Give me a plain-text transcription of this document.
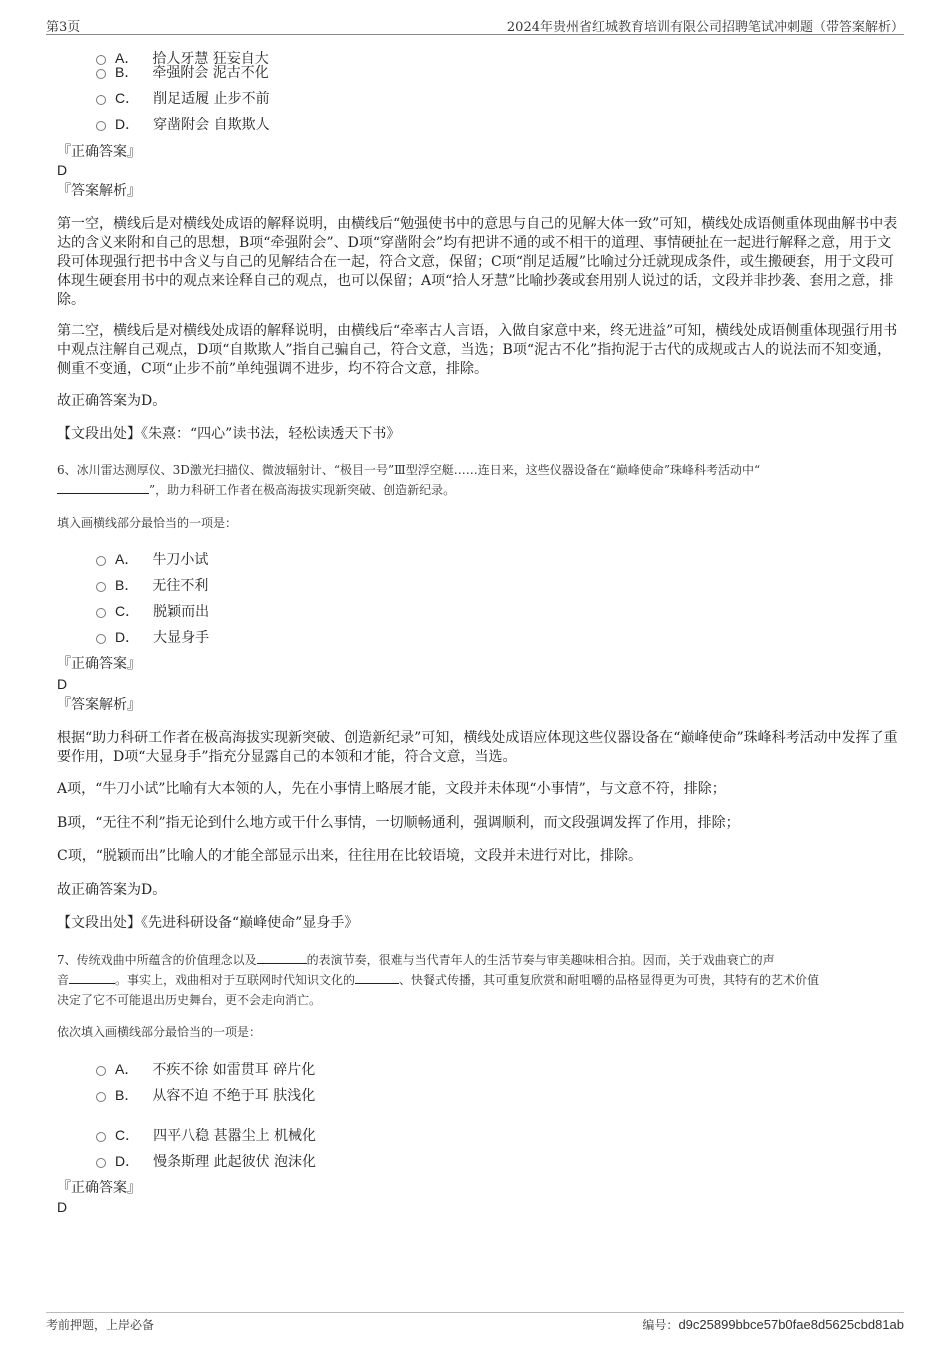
第3页	2024年贵州省红城教育培训有限公司招聘笔试冲刺题（带答案解析）
A． 拾人牙慧 狂妄自大
B． 牵强附会 泥古不化
C． 削足适履 止步不前
D． 穿凿附会 自欺欺人
『正确答案』
D
『答案解析』
第一空，横线后是对横线处成语的解释说明，由横线后“勉强使书中的意思与自己的见解大体一致”可知，横线处成语侧重体现曲解书中表达的含义来附和自己的思想，B项“牵强附会”、D项“穿凿附会”均有把讲不通的或不相干的道理、事情硬扯在一起进行解释之意，用于文段可体现强行把书中含义与自己的见解结合在一起，符合文意，保留；C项“削足适履”比喻过分迁就现成条件，或生搬硬套，用于文段可体现生硬套用书中的观点来诠释自己的观点，也可以保留；A项“拾人牙慧”比喻抄袭或套用别人说过的话，文段并非抄袭、套用之意，排除。
第二空，横线后是对横线处成语的解释说明，由横线后“牵率古人言语，入做自家意中来，终无进益”可知，横线处成语侧重体现强行用书中观点注解自己观点，D项“自欺欺人”指自己骗自己，符合文意，当选；B项“泥古不化”指拘泥于古代的成规或古人的说法而不知变通，侧重不变通，C项“止步不前”单纯强调不进步，均不符合文意，排除。
故正确答案为D。
【文段出处】《朱熹：“四心”读书法，轻松读透天下书》
6、冰川雷达测厚仪、3D激光扫描仪、微波辐射计、“极目一号”Ⅲ型浮空艇……连日来，这些仪器设备在“巅峰使命”珠峰科考活动中“
”，助力科研工作者在极高海拔实现新突破、创造新纪录。
填入画横线部分最恰当的一项是：
A． 牛刀小试
B． 无往不利
C． 脱颖而出
D． 大显身手
『正确答案』
D
『答案解析』
根据“助力科研工作者在极高海拔实现新突破、创造新纪录”可知，横线处成语应体现这些仪器设备在“巅峰使命”珠峰科考活动中发挥了重要作用，D项“大显身手”指充分显露自己的本领和才能，符合文意，当选。
A项，“牛刀小试”比喻有大本领的人，先在小事情上略展才能，文段并未体现“小事情”，与文意不符，排除；
B项，“无往不利”指无论到什么地方或干什么事情，一切顺畅通利，强调顺利，而文段强调发挥了作用，排除；
C项，“脱颖而出”比喻人的才能全部显示出来，往往用在比较语境，文段并未进行对比，排除。
故正确答案为D。
【文段出处】《先进科研设备“巅峰使命”显身手》
7、传统戏曲中所蕴含的价值理念以及	的表演节奏，很难与当代青年人的生活节奏与审美趣味相合拍。因而，关于戏曲衰亡的声
音	。事实上，戏曲相对于互联网时代知识文化的	、快餐式传播，其可重复欣赏和耐咀嚼的品格显得更为可贵，其特有的艺术价值
决定了它不可能退出历史舞台，更不会走向消亡。
依次填入画横线部分最恰当的一项是：
A． 不疾不徐 如雷贯耳 碎片化
B． 从容不迫 不绝于耳 肤浅化
C． 四平八稳 甚嚣尘上 机械化
D． 慢条斯理 此起彼伏 泡沫化
『正确答案』
D
考前押题，上岸必备	编号：d9c25899bbce57b0fae8d5625cbd81ab
